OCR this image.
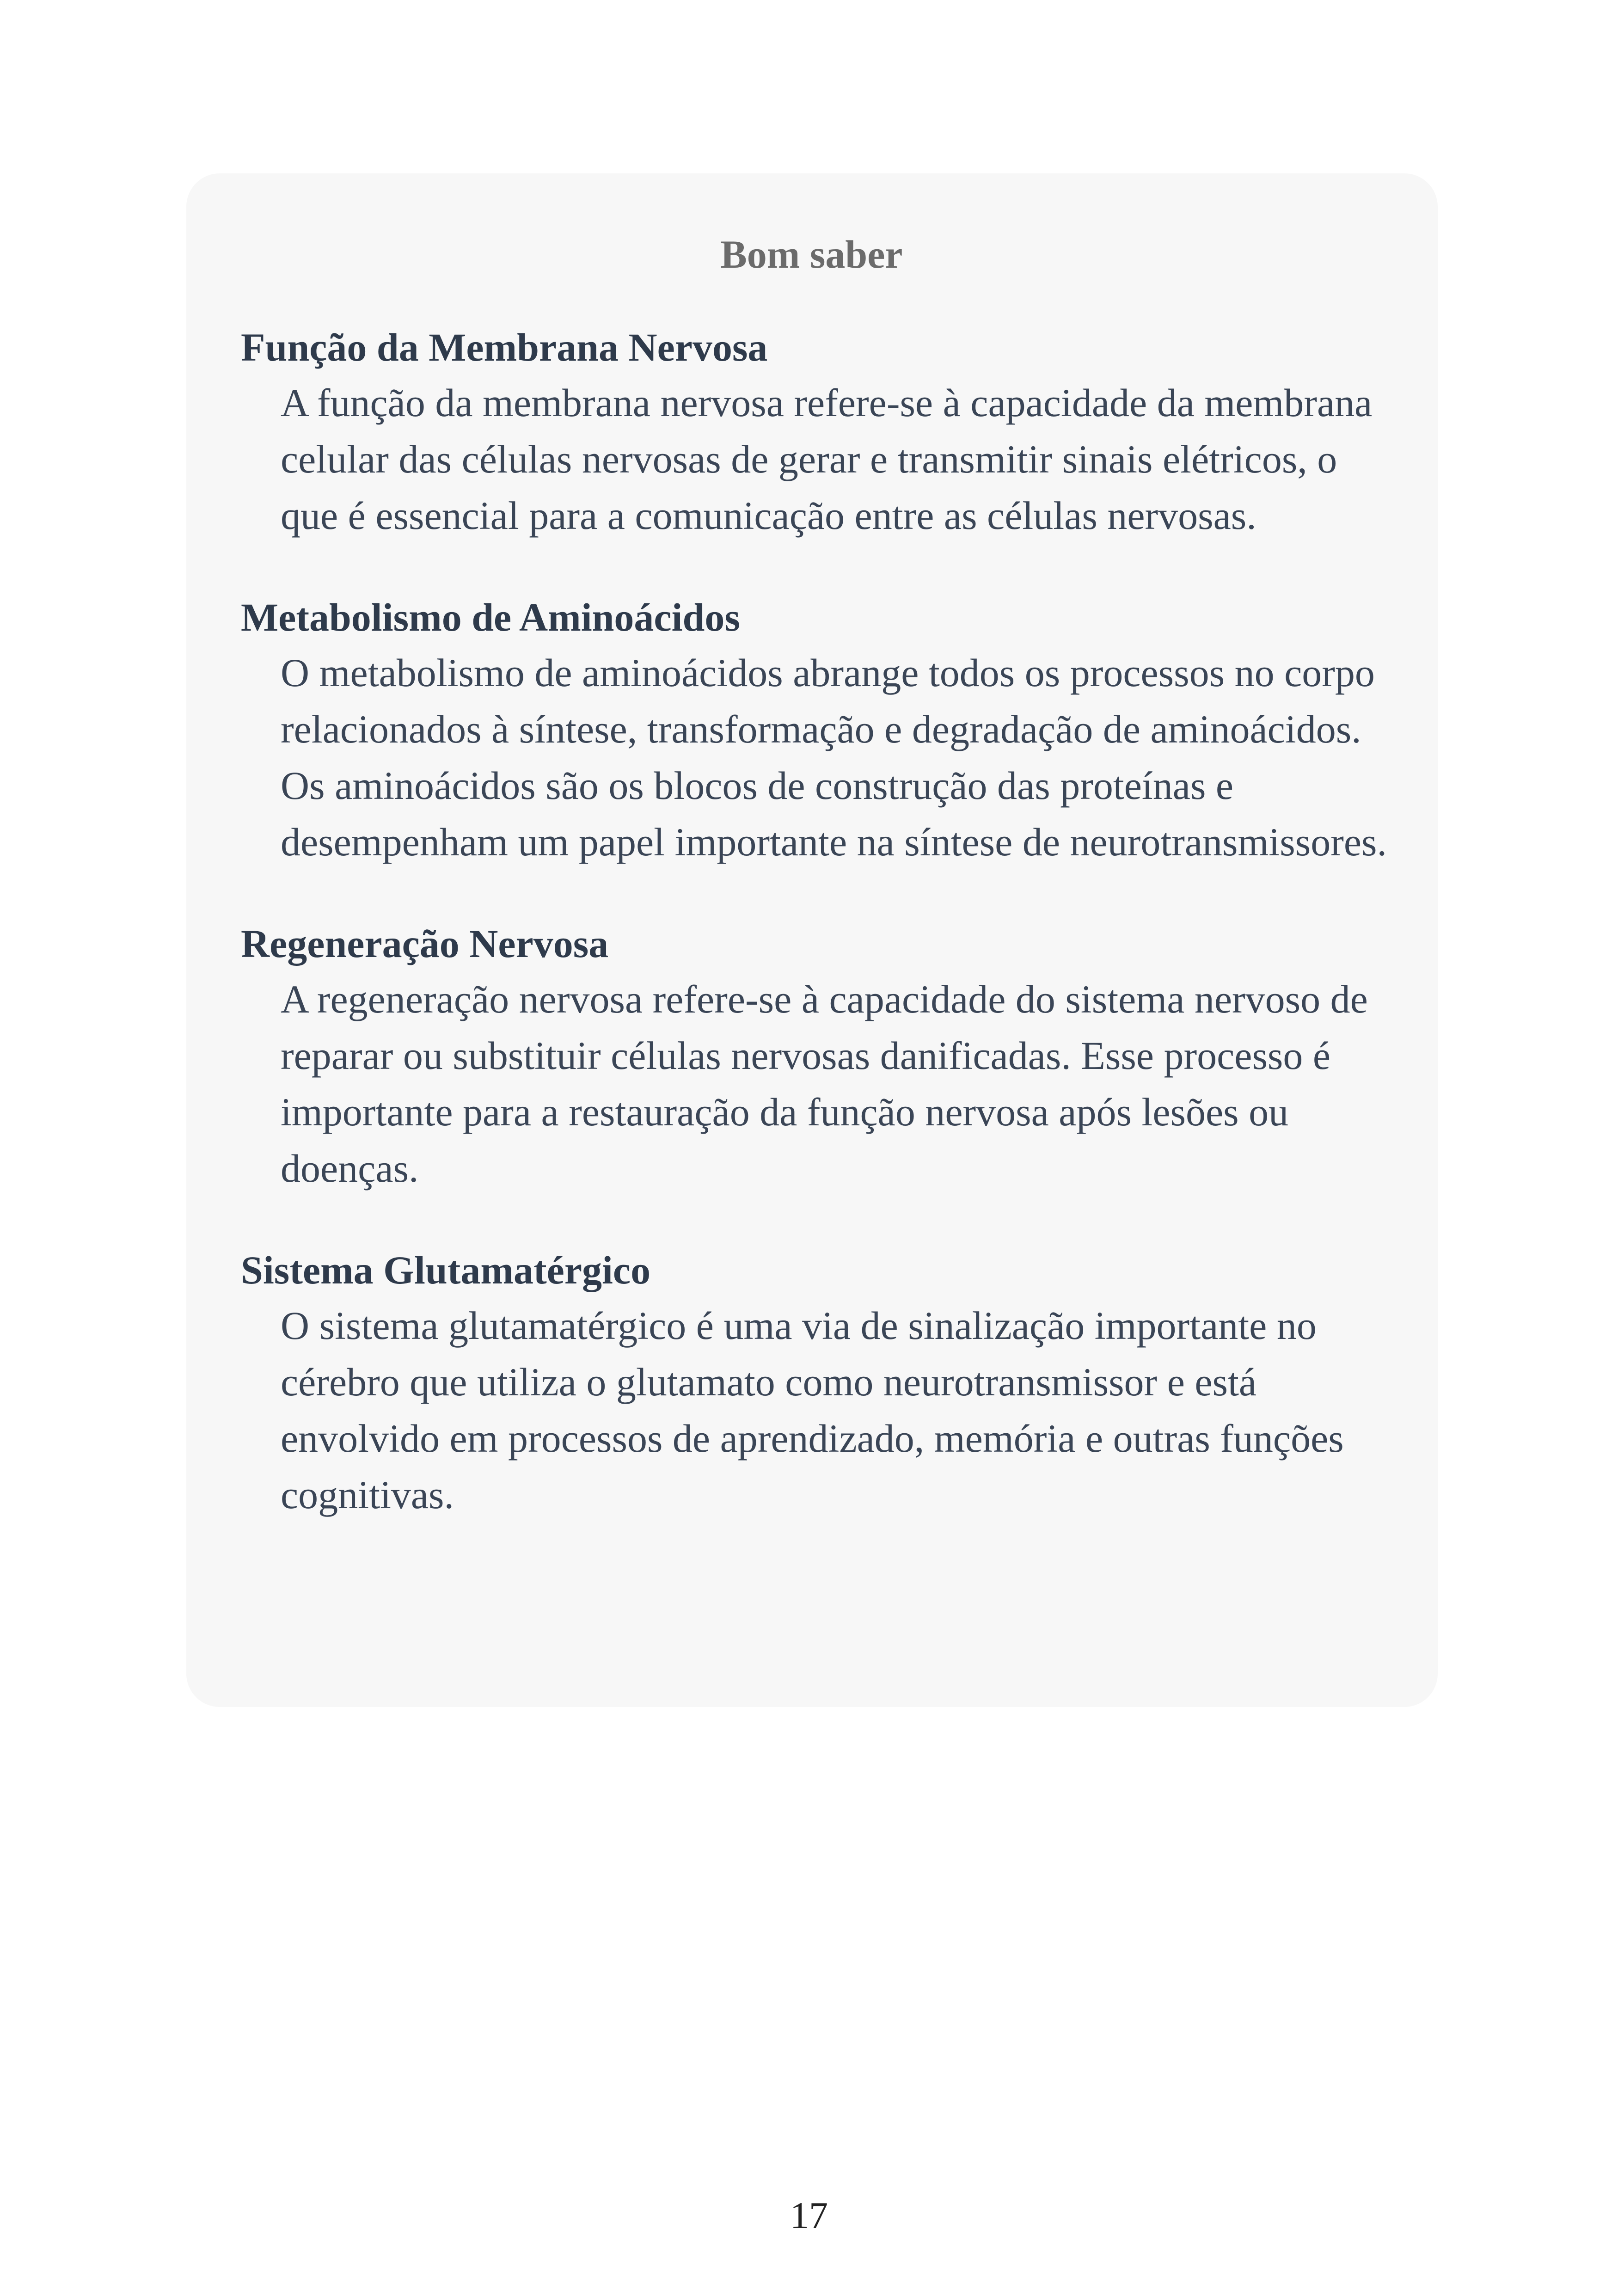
Bom saber

Função da Membrana Nervosa

A função da membrana nervosa refere-se à capacidade da membrana celular das células nervosas de gerar e transmitir sinais elétricos, o que é essencial para a comunicação entre as células nervosas.

Metabolismo de Aminoácidos

O metabolismo de aminoácidos abrange todos os processos no corpo relacionados à síntese, transformação e degradação de aminoácidos. Os aminoácidos são os blocos de construção das proteínas e desempenham um papel importante na síntese de neurotransmissores.

Regeneração Nervosa

A regeneração nervosa refere-se à capacidade do sistema nervoso de reparar ou substituir células nervosas danificadas. Esse processo é importante para a restauração da função nervosa após lesões ou doenças.

Sistema Glutamatérgico

O sistema glutamatérgico é uma via de sinalização importante no cérebro que utiliza o glutamato como neurotransmissor e está envolvido em processos de aprendizado, memória e outras funções cognitivas.

17
